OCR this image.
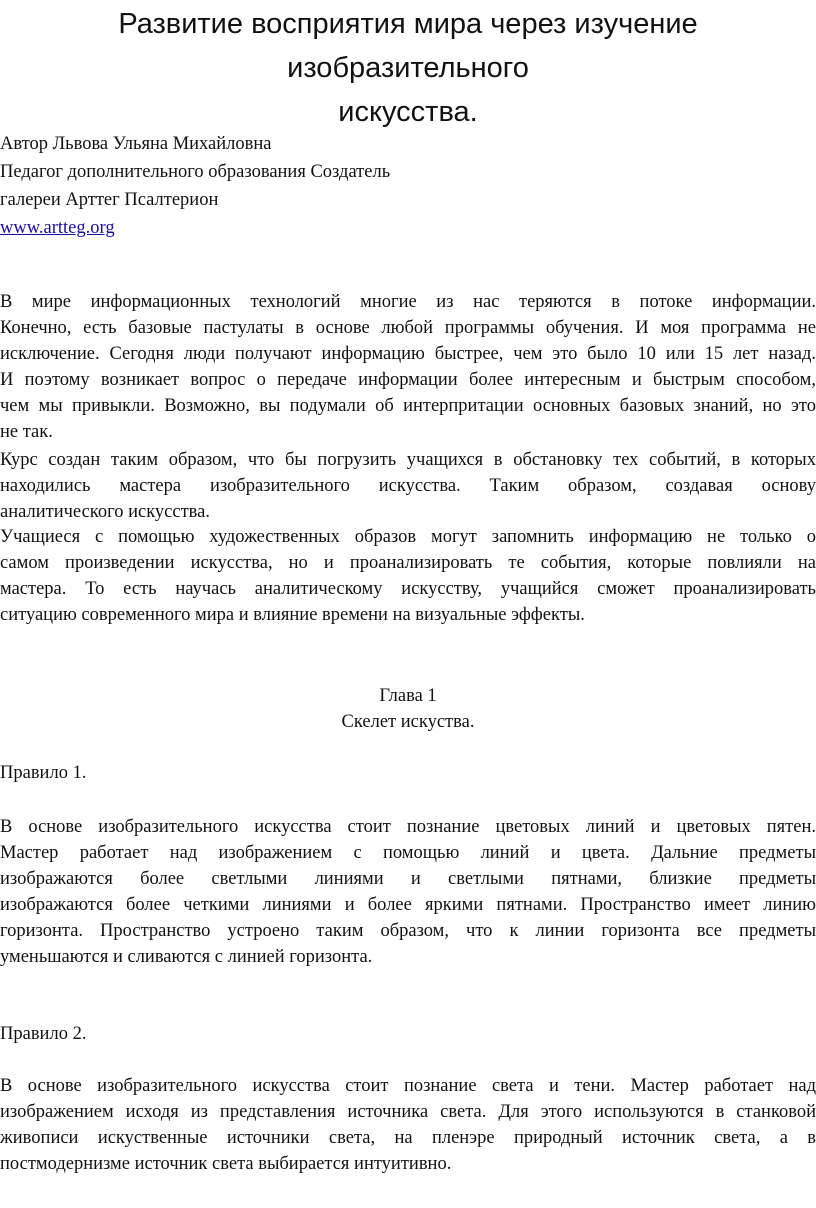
Развитие восприятия мира через изучение изобразительного
искусства.
Автор Львова Ульяна Михайловна
Педагог дополнительного образования Создатель
галереи Арттег Псалтерион
www.artteg.org
В мире информационных технологий многие из нас теряются в потоке информации.
Конечно, есть базовые пастулаты в основе любой программы обучения. И моя программа не
исключение. Сегодня люди получают информацию быстрее, чем это было 10 или 15 лет назад.
И поэтому возникает вопрос о передаче информации более интересным и быстрым способом,
чем мы привыкли. Возможно, вы подумали об интерпритации основных базовых знаний, но это
не так.
Курс создан таким образом, что бы погрузить учащихся в обстановку тех событий, в которых
находились мастера изобразительного искусства. Таким образом, создавая основу
аналитического искусства.
Учащиеся с помощью художественных образов могут запомнить информацию не только о
самом произведении искусства, но и проанализировать те события, которые повлияли на
мастера. То есть научась аналитическому искусству, учащийся сможет проанализировать
ситуацию современного мира и влияние времени на визуальные эффекты.
Глава 1
Скелет искуства.
Правило 1.
В основе изобразительного искусства стоит познание цветовых линий и цветовых пятен.
Мастер работает над изображением с помощью линий и цвета. Дальние предметы
изображаются более светлыми линиями и светлыми пятнами, близкие предметы
изображаются более четкими линиями и более яркими пятнами. Пространство имеет линию
горизонта. Пространство устроено таким образом, что к линии горизонта все предметы
уменьшаются и сливаются с линией горизонта.
Правило 2.
В основе изобразительного искусства стоит познание света и тени. Мастер работает над
изображением исходя из представления источника света. Для этого используются в станковой
живописи искуственные источники света, на пленэре природный источник света, а в
постмодернизме источник света выбирается интуитивно.
